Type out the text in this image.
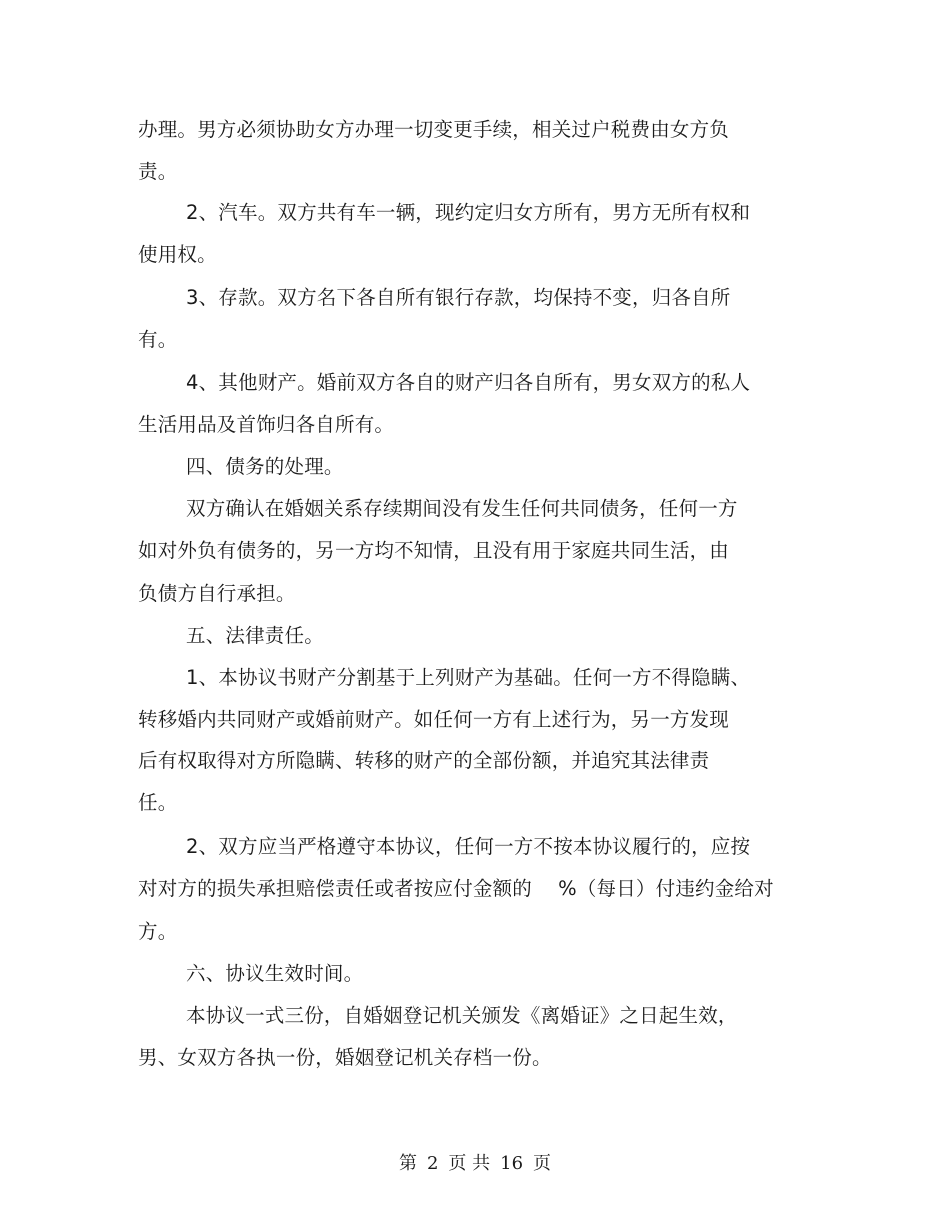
办理。男方必须协助女方办理一切变更手续，相关过户税费由女方负
责。
2、汽车。双方共有车一辆，现约定归女方所有，男方无所有权和
使用权。
3、存款。双方名下各自所有银行存款，均保持不变，归各自所
有。
4、其他财产。婚前双方各自的财产归各自所有，男女双方的私人
生活用品及首饰归各自所有。
四、债务的处理。
双方确认在婚姻关系存续期间没有发生任何共同债务，任何一方
如对外负有债务的，另一方均不知情，且没有用于家庭共同生活，由
负债方自行承担。
五、法律责任。
1、本协议书财产分割基于上列财产为基础。任何一方不得隐瞒、
转移婚内共同财产或婚前财产。如任何一方有上述行为，另一方发现
后有权取得对方所隐瞒、转移的财产的全部份额，并追究其法律责
任。
2、双方应当严格遵守本协议，任何一方不按本协议履行的，应按
对对方的损失承担赔偿责任或者按应付金额的　 %（每日）付违约金给对
方。
六、协议生效时间。
本协议一式三份，自婚姻登记机关颁发《离婚证》之日起生效，
男、女双方各执一份，婚姻登记机关存档一份。
第 2 页 共 16 页
